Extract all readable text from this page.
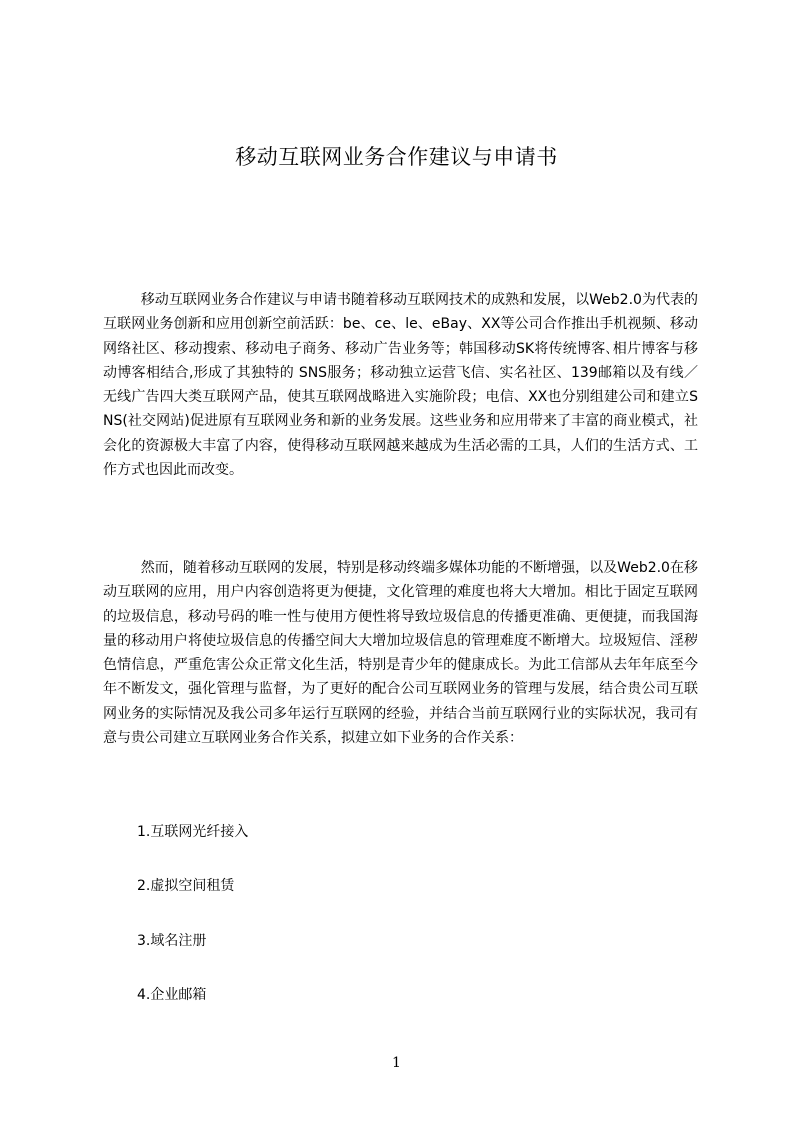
移动互联网业务合作建议与申请书

移动互联网业务合作建议与申请书随着移动互联网技术的成熟和发展，以Web2.0为代表的互联网业务创新和应用创新空前活跃：be、ce、le、eBay、XX等公司合作推出手机视频、移动网络社区、移动搜索、移动电子商务、移动广告业务等；韩国移动SK将传统博客､相片博客与移动博客相结合,形成了其独特的 SNS服务；移动独立运营飞信、实名社区、139邮箱以及有线／无线广告四大类互联网产品，使其互联网战略进入实施阶段；电信、XX也分别组建公司和建立SNS(社交网站)促进原有互联网业务和新的业务发展。这些业务和应用带来了丰富的商业模式，社会化的资源极大丰富了内容，使得移动互联网越来越成为生活必需的工具，人们的生活方式、工作方式也因此而改变。

然而，随着移动互联网的发展，特别是移动终端多媒体功能的不断增强，以及Web2.0在移动互联网的应用，用户内容创造将更为便捷，文化管理的难度也将大大增加。相比于固定互联网的垃圾信息，移动号码的唯一性与使用方便性将导致垃圾信息的传播更准确、更便捷，而我国海量的移动用户将使垃圾信息的传播空间大大增加垃圾信息的管理难度不断增大。垃圾短信、淫秽色情信息，严重危害公众正常文化生活，特别是青少年的健康成长。为此工信部从去年年底至今年不断发文，强化管理与监督，为了更好的配合公司互联网业务的管理与发展，结合贵公司互联网业务的实际情况及我公司多年运行互联网的经验，并结合当前互联网行业的实际状况，我司有意与贵公司建立互联网业务合作关系，拟建立如下业务的合作关系：

1.互联网光纤接入

2.虚拟空间租赁

3.域名注册

4.企业邮箱

1
